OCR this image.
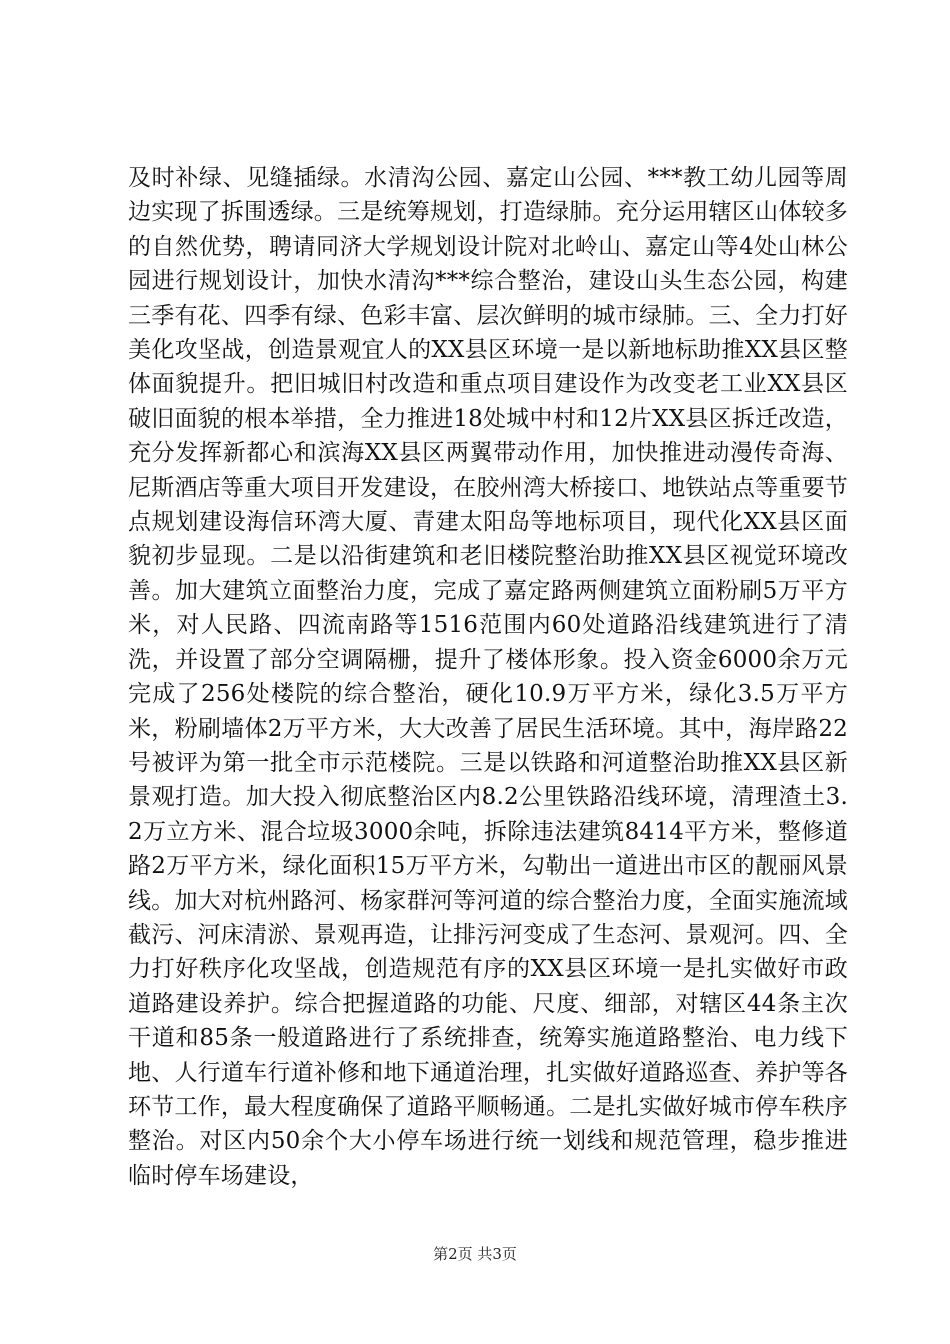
及时补绿、见缝插绿。水清沟公园、嘉定山公园、***教工幼儿园等周边实现了拆围透绿。三是统筹规划，打造绿肺。充分运用辖区山体较多的自然优势，聘请同济大学规划设计院对北岭山、嘉定山等4处山林公园进行规划设计，加快水清沟***综合整治，建设山头生态公园，构建三季有花、四季有绿、色彩丰富、层次鲜明的城市绿肺。三、全力打好美化攻坚战，创造景观宜人的XX县区环境一是以新地标助推XX县区整体面貌提升。把旧城旧村改造和重点项目建设作为改变老工业XX县区破旧面貌的根本举措，全力推进18处城中村和12片XX县区拆迁改造，充分发挥新都心和滨海XX县区两翼带动作用，加快推进动漫传奇海、尼斯酒店等重大项目开发建设，在胶州湾大桥接口、地铁站点等重要节点规划建设海信环湾大厦、青建太阳岛等地标项目，现代化XX县区面貌初步显现。二是以沿街建筑和老旧楼院整治助推XX县区视觉环境改善。加大建筑立面整治力度，完成了嘉定路两侧建筑立面粉刷5万平方米，对人民路、四流南路等1516范围内60处道路沿线建筑进行了清洗，并设置了部分空调隔栅，提升了楼体形象。投入资金6000余万元完成了256处楼院的综合整治，硬化10.9万平方米，绿化3.5万平方米，粉刷墙体2万平方米，大大改善了居民生活环境。其中，海岸路22号被评为第一批全市示范楼院。三是以铁路和河道整治助推XX县区新景观打造。加大投入彻底整治区内8.2公里铁路沿线环境，清理渣土3.2万立方米、混合垃圾3000余吨，拆除违法建筑8414平方米，整修道路2万平方米，绿化面积15万平方米，勾勒出一道进出市区的靓丽风景线。加大对杭州路河、杨家群河等河道的综合整治力度，全面实施流域截污、河床清淤、景观再造，让排污河变成了生态河、景观河。四、全力打好秩序化攻坚战，创造规范有序的XX县区环境一是扎实做好市政道路建设养护。综合把握道路的功能、尺度、细部，对辖区44条主次干道和85条一般道路进行了系统排查，统筹实施道路整治、电力线下地、人行道车行道补修和地下通道治理，扎实做好道路巡查、养护等各环节工作，最大程度确保了道路平顺畅通。二是扎实做好城市停车秩序整治。对区内50余个大小停车场进行统一划线和规范管理，稳步推进临时停车场建设，

第2页 共3页
